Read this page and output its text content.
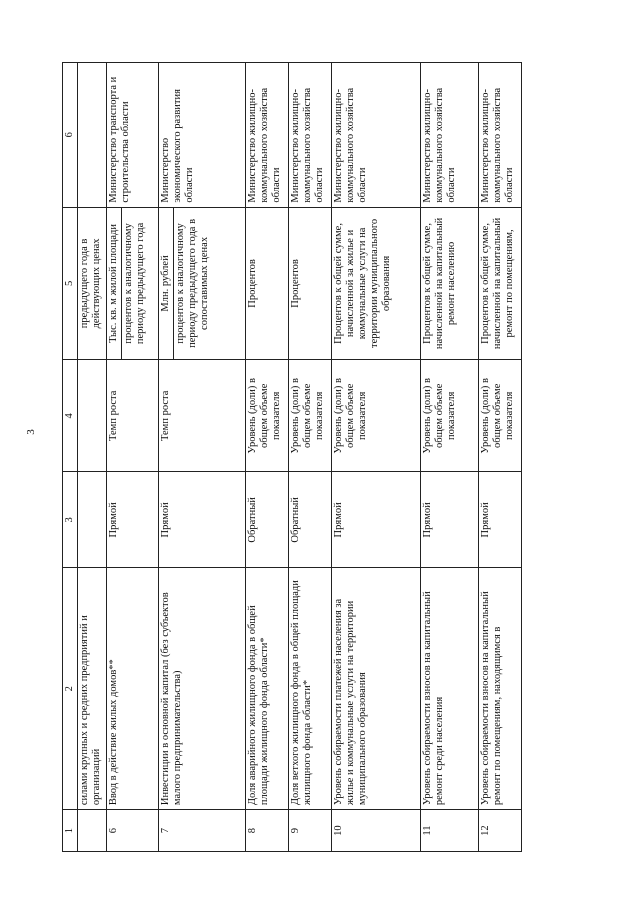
3
1	2	3	4	5	6
	силами крупных и средних предприятий и организаций			предыдущего года в действующих ценах	
6	Ввод в действие жилых домов**	Прямой	Темп роста	Тыс. кв. м жилой площади процентов к аналогичному периоду предыдущего года	Министерство транспорта и строительства области
7	Инвестиции в основной капитал (без субъектов малого предпринимательства)	Прямой	Темп роста	Млн. рублей процентов к аналогичному периоду предыдущего года в сопоставимых ценах	Министерство экономического развития области
8	Доля аварийного жилищного фонда в общей площади жилищного фонда области*	Обратный	Уровень (доли) в общем объеме показателя	Процентов	Министерство жилищно-коммунального хозяйства области
9	Доля ветхого жилищного фонда в общей площади жилищного фонда области*	Обратный	Уровень (доли) в общем объеме показателя	Процентов	Министерство жилищно-коммунального хозяйства области
10	Уровень собираемости платежей населения за жилье и коммунальные услуги на территории муниципального образования	Прямой	Уровень (доли) в общем объеме показателя	Процентов к общей сумме, начисленной за жилье и коммунальные услуги на территории муниципального образования	Министерство жилищно-коммунального хозяйства области
11	Уровень собираемости взносов на капитальный ремонт среди населения	Прямой	Уровень (доли) в общем объеме показателя	Процентов к общей сумме, начисленной на капитальный ремонт населению	Министерство жилищно-коммунального хозяйства области
12	Уровень собираемости взносов на капитальный ремонт по помещениям, находящимся в	Прямой	Уровень (доли) в общем объеме показателя	Процентов к общей сумме, начисленной на капитальный ремонт по помещениям,	Министерство жилищно-коммунального хозяйства области
